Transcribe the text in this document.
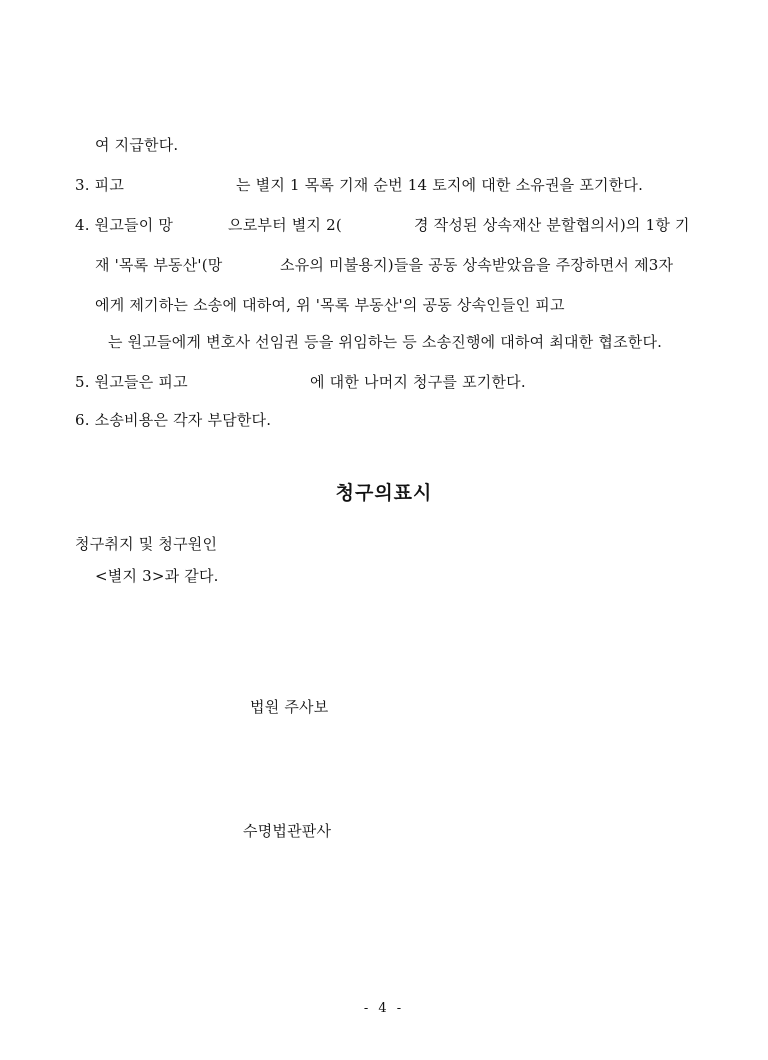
여 지급한다.
3. 피고	는 별지 1 목록 기재 순번 14 토지에 대한 소유권을 포기한다.
4. 원고들이 망	으로부터 별지 2(	경 작성된 상속재산 분할협의서)의 1항 기
재 '목록 부동산'(망	소유의 미불용지)들을 공동 상속받았음을 주장하면서 제3자
에게 제기하는 소송에 대하여, 위 '목록 부동산'의 공동 상속인들인 피고
는 원고들에게 변호사 선임권 등을 위임하는 등 소송진행에 대하여 최대한 협조한다.
5. 원고들은 피고	에 대한 나머지 청구를 포기한다.
6. 소송비용은 각자 부담한다.
청구의표시
청구취지 및 청구원인
<별지 3>과 같다.
법원 주사보
수명법관판사
- 4 -
